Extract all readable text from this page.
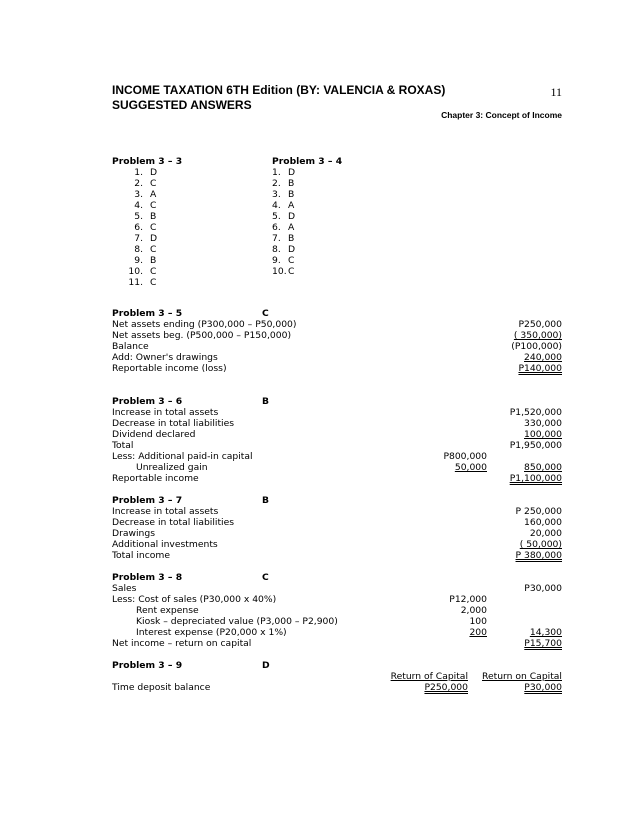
INCOME TAXATION 6TH Edition (BY: VALENCIA & ROXAS)
SUGGESTED ANSWERS
11
Chapter 3: Concept of Income
Problem 3 – 3
1. D
2. C
3. A
4. C
5. B
6. C
7. D
8. C
9. B
10. C
11. C
Problem 3 – 4
1. D
2. B
3. B
4. A
5. D
6. A
7. B
8. D
9. C
10. C
Problem 3 – 5	C
Net assets ending (P300,000 – P50,000)	P250,000
Net assets beg. (P500,000 – P150,000)	( 350,000)
Balance	(P100,000)
Add: Owner's drawings	240,000
Reportable income (loss)	P140,000
Problem 3 – 6	B
Increase in total assets	P1,520,000
Decrease in total liabilities	330,000
Dividend declared	100,000
Total	P1,950,000
Less: Additional paid-in capital	P800,000
Unrealized gain	50,000	850,000
Reportable income	P1,100,000
Problem 3 – 7	B
Increase in total assets	P 250,000
Decrease in total liabilities	160,000
Drawings	20,000
Additional investments	( 50,000)
Total income	P 380,000
Problem 3 – 8	C
Sales	P30,000
Less: Cost of sales (P30,000 x 40%)	P12,000
Rent expense	2,000
Kiosk – depreciated value (P3,000 – P2,900)	100
Interest expense (P20,000 x 1%)	200	14,300
Net income – return on capital	P15,700
Problem 3 – 9	D
Return of Capital Return on Capital
Time deposit balance	P250,000	P30,000
